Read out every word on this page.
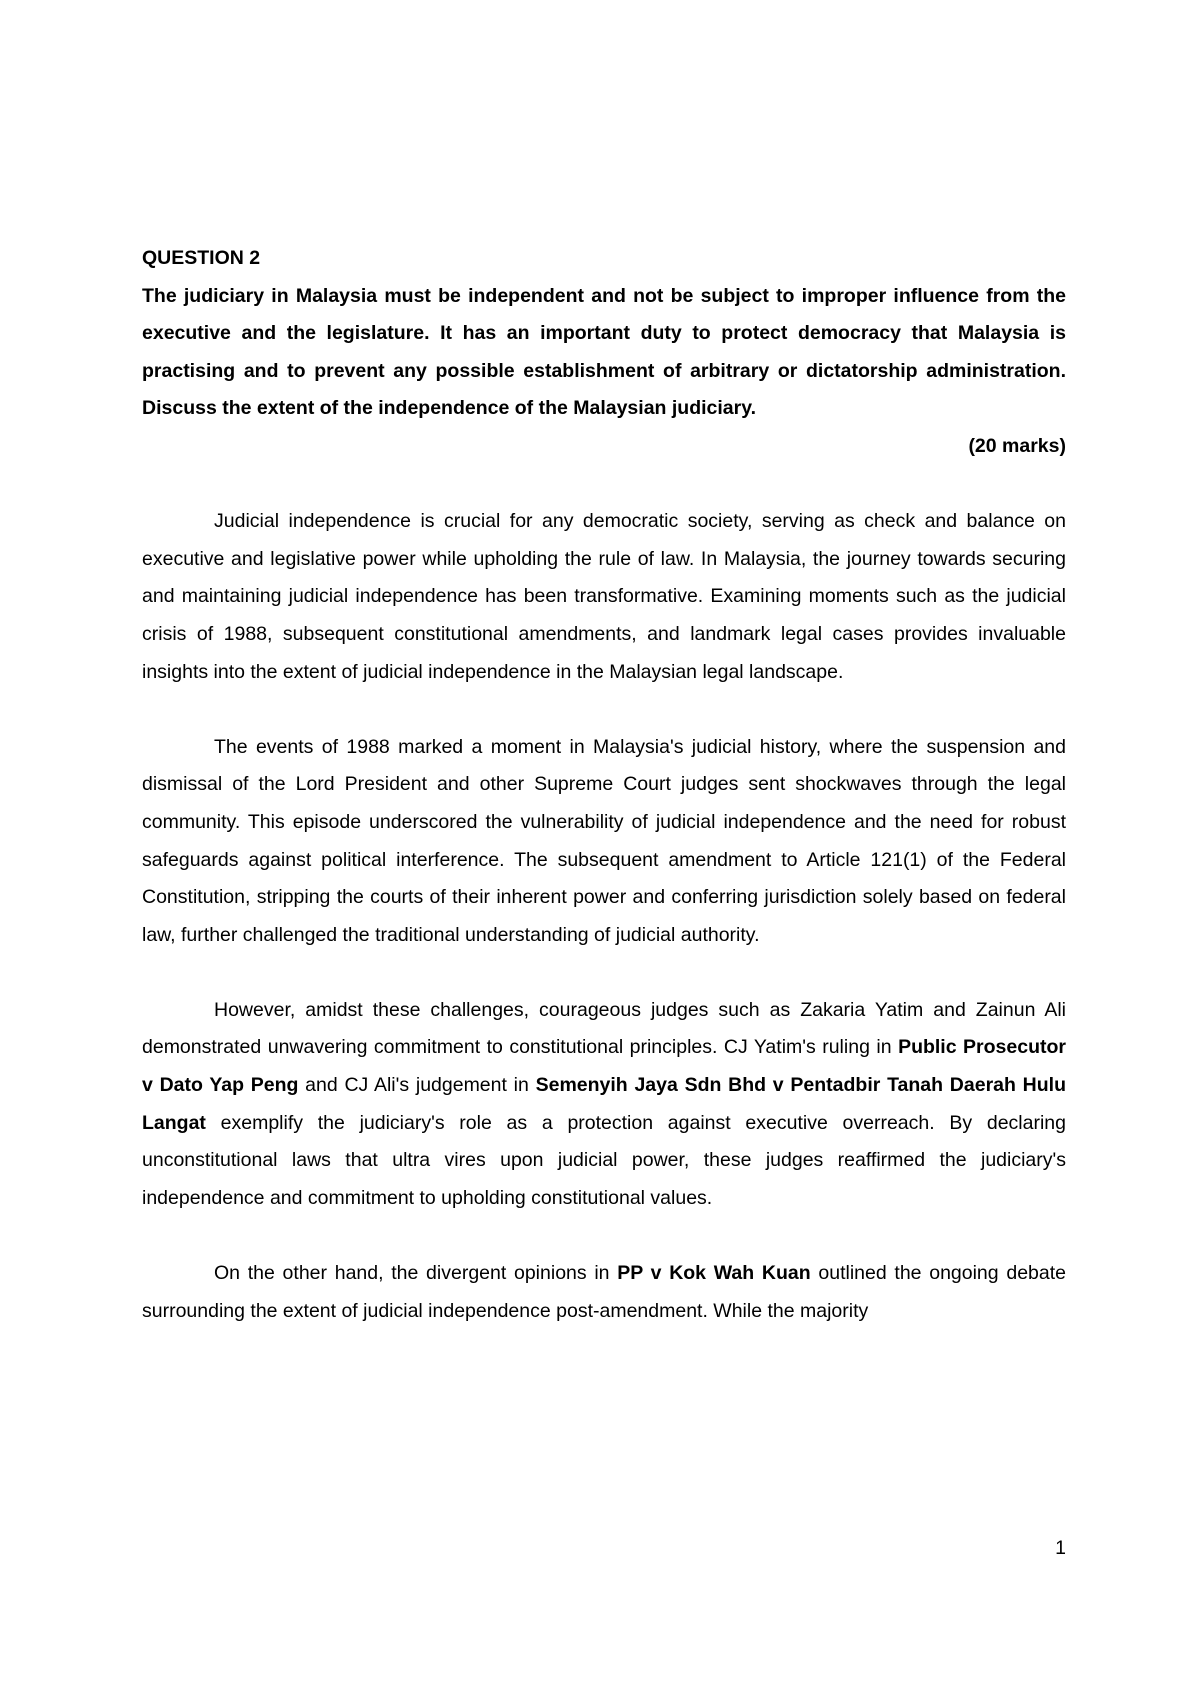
QUESTION 2

The judiciary in Malaysia must be independent and not be subject to improper influence from the executive and the legislature. It has an important duty to protect democracy that Malaysia is practising and to prevent any possible establishment of arbitrary or dictatorship administration. Discuss the extent of the independence of the Malaysian judiciary.

(20 marks)

Judicial independence is crucial for any democratic society, serving as check and balance on executive and legislative power while upholding the rule of law. In Malaysia, the journey towards securing and maintaining judicial independence has been transformative. Examining moments such as the judicial crisis of 1988, subsequent constitutional amendments, and landmark legal cases provides invaluable insights into the extent of judicial independence in the Malaysian legal landscape.

The events of 1988 marked a moment in Malaysia's judicial history, where the suspension and dismissal of the Lord President and other Supreme Court judges sent shockwaves through the legal community. This episode underscored the vulnerability of judicial independence and the need for robust safeguards against political interference. The subsequent amendment to Article 121(1) of the Federal Constitution, stripping the courts of their inherent power and conferring jurisdiction solely based on federal law, further challenged the traditional understanding of judicial authority.

However, amidst these challenges, courageous judges such as Zakaria Yatim and Zainun Ali demonstrated unwavering commitment to constitutional principles. CJ Yatim's ruling in Public Prosecutor v Dato Yap Peng and CJ Ali's judgement in Semenyih Jaya Sdn Bhd v Pentadbir Tanah Daerah Hulu Langat exemplify the judiciary's role as a protection against executive overreach. By declaring unconstitutional laws that ultra vires upon judicial power, these judges reaffirmed the judiciary's independence and commitment to upholding constitutional values.

On the other hand, the divergent opinions in PP v Kok Wah Kuan outlined the ongoing debate surrounding the extent of judicial independence post-amendment. While the majority

1
